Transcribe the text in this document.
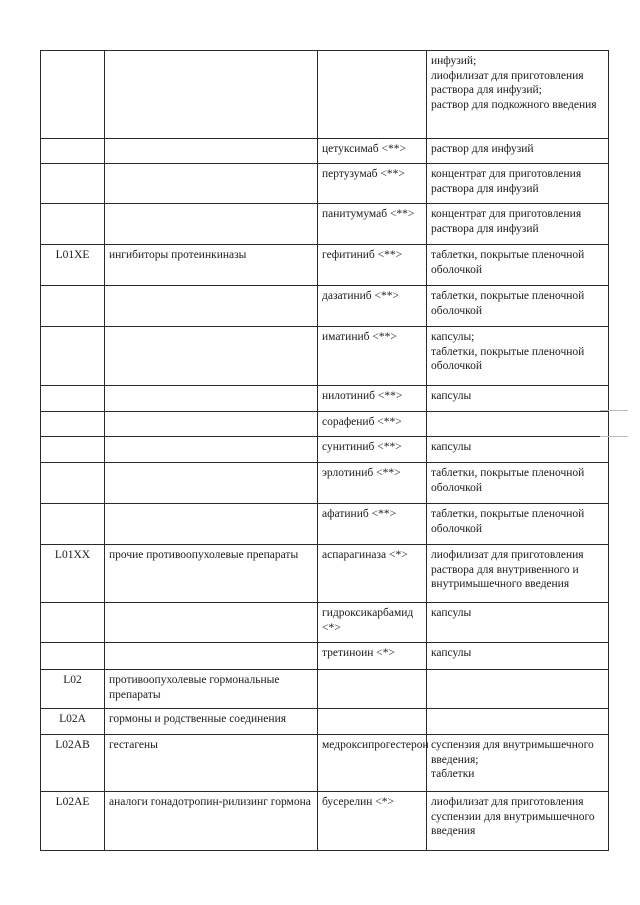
			инфузий;
лиофилизат для приготовления раствора для инфузий;
раствор для подкожного введения
		цетуксимаб <**>	раствор для инфузий
		пертузумаб <**>	концентрат для приготовления раствора для инфузий
		панитумумаб <**>	концентрат для приготовления раствора для инфузий
L01XE	ингибиторы протеинкиназы	гефитиниб <**>	таблетки, покрытые пленочной оболочкой
		дазатиниб <**>	таблетки, покрытые пленочной оболочкой
		иматиниб <**>	капсулы;
таблетки, покрытые пленочной оболочкой
		нилотиниб <**>	капсулы
		сорафениб <**>	
		сунитиниб <**>	капсулы
		эрлотиниб <**>	таблетки, покрытые пленочной оболочкой
		афатиниб <**>	таблетки, покрытые пленочной оболочкой
L01XX	прочие противоопухолевые препараты	аспарагиназа <*>	лиофилизат для приготовления раствора для внутривенного и внутримышечного введения
		гидроксикарбамид <*>	капсулы
		третиноин <*>	капсулы
L02	противоопухолевые гормональные препараты		
L02A	гормоны и родственные соединения		
L02AB	гестагены	медроксипрогестерон	суспензия для внутримышечного введения;
таблетки
L02AE	аналоги гонадотропин-рилизинг гормона	бусерелин <*>	лиофилизат для приготовления суспензии для внутримышечного введения
